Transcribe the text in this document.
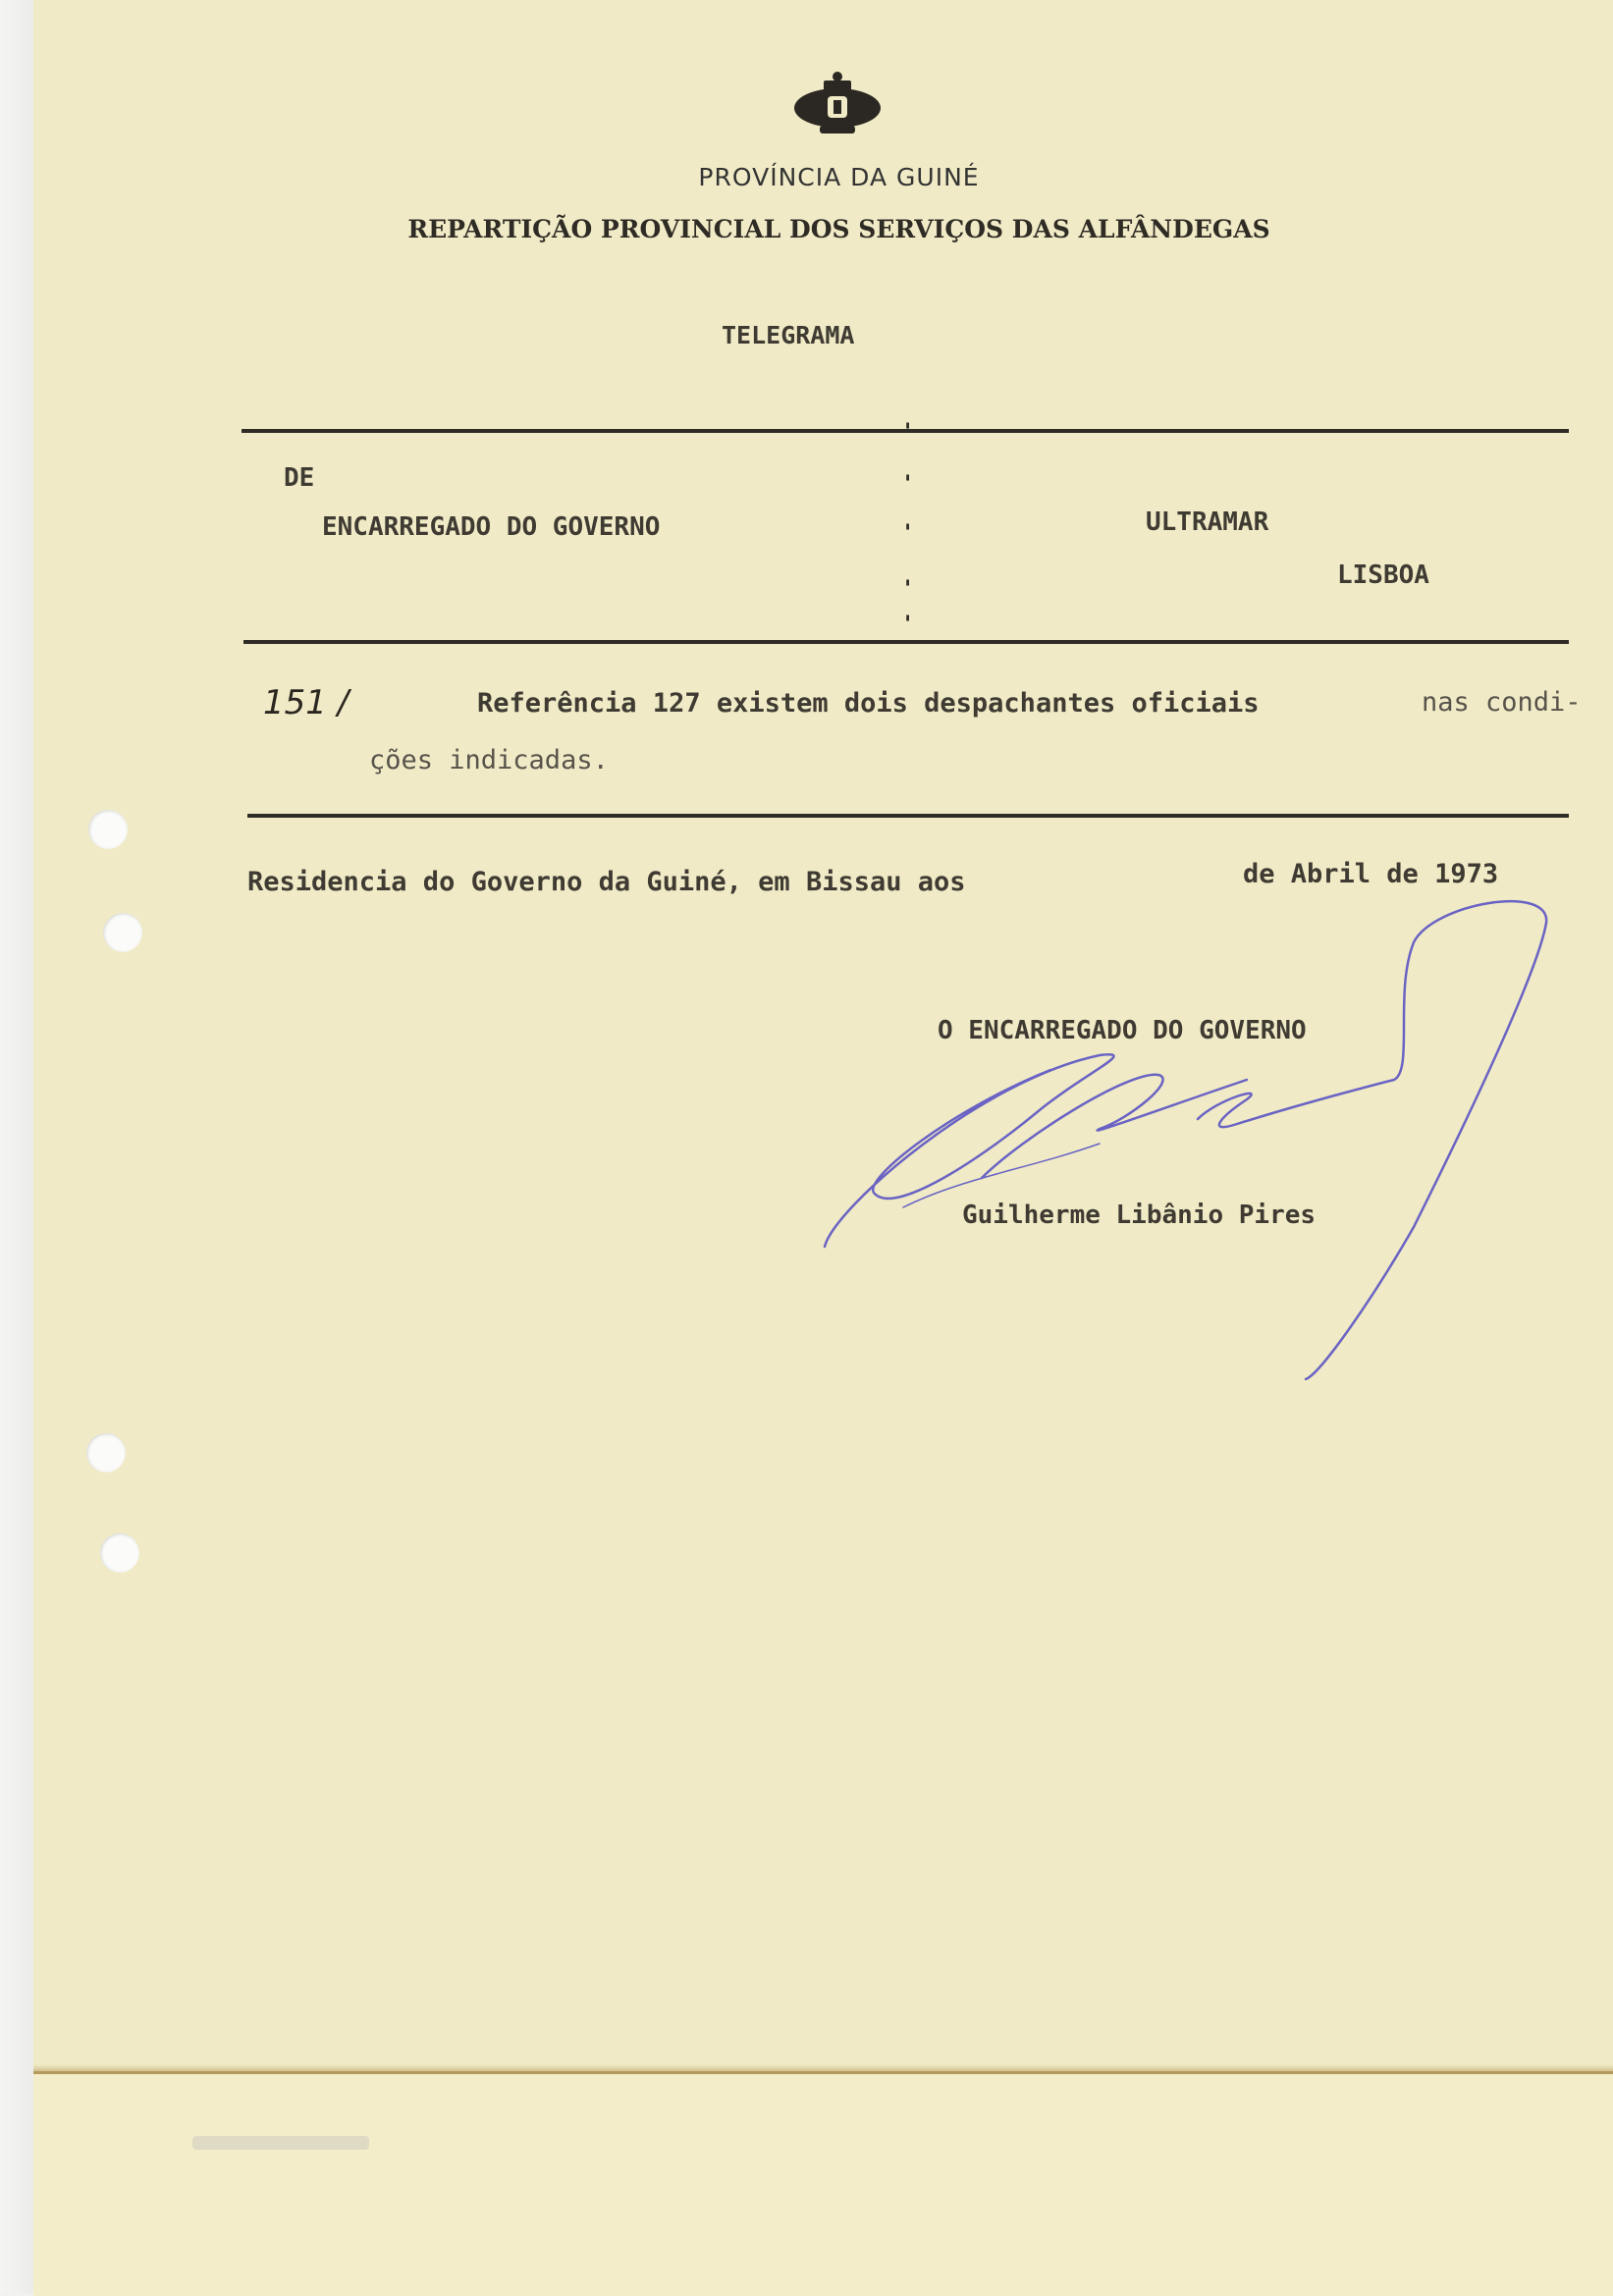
PROVÍNCIA DA GUINÉ
REPARTIÇÃO PROVINCIAL DOS SERVIÇOS DAS ALFÂNDEGAS
TELEGRAMA
'
'
'
'
'
DE
ENCARREGADO DO GOVERNO	ULTRAMAR
LISBOA
151 /	Referência 127 existem dois despachantes oficiais	nas condi-
ções indicadas.
Residencia do Governo da Guiné, em Bissau aos	de Abril de 1973
O ENCARREGADO DO GOVERNO
Guilherme Libânio Pires
